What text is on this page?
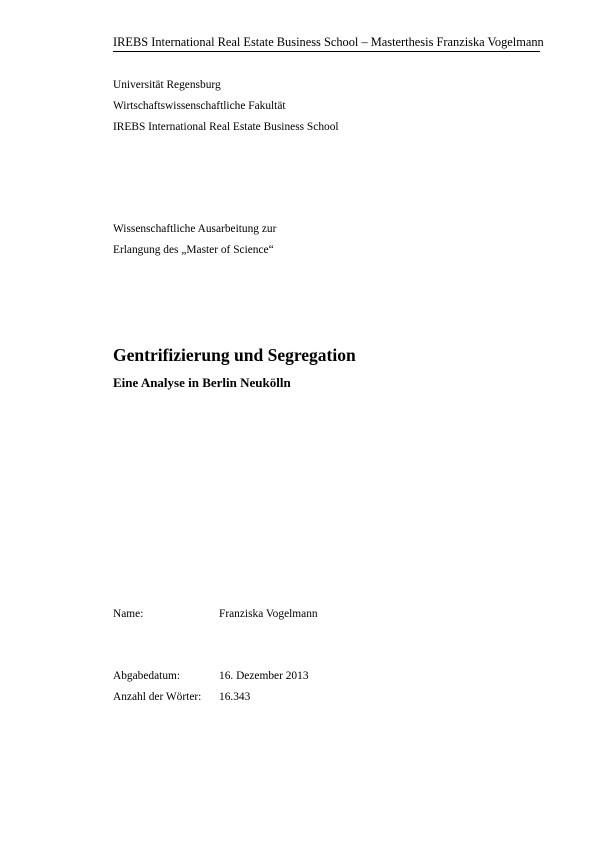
IREBS International Real Estate Business School – Masterthesis Franziska Vogelmann
Universität Regensburg
Wirtschaftswissenschaftliche Fakultät
IREBS International Real Estate Business School
Wissenschaftliche Ausarbeitung zur
Erlangung des „Master of Science“
Gentrifizierung und Segregation
Eine Analyse in Berlin Neukölln
Name:	Franziska Vogelmann
Abgabedatum:	16. Dezember 2013
Anzahl der Wörter: 16.343
